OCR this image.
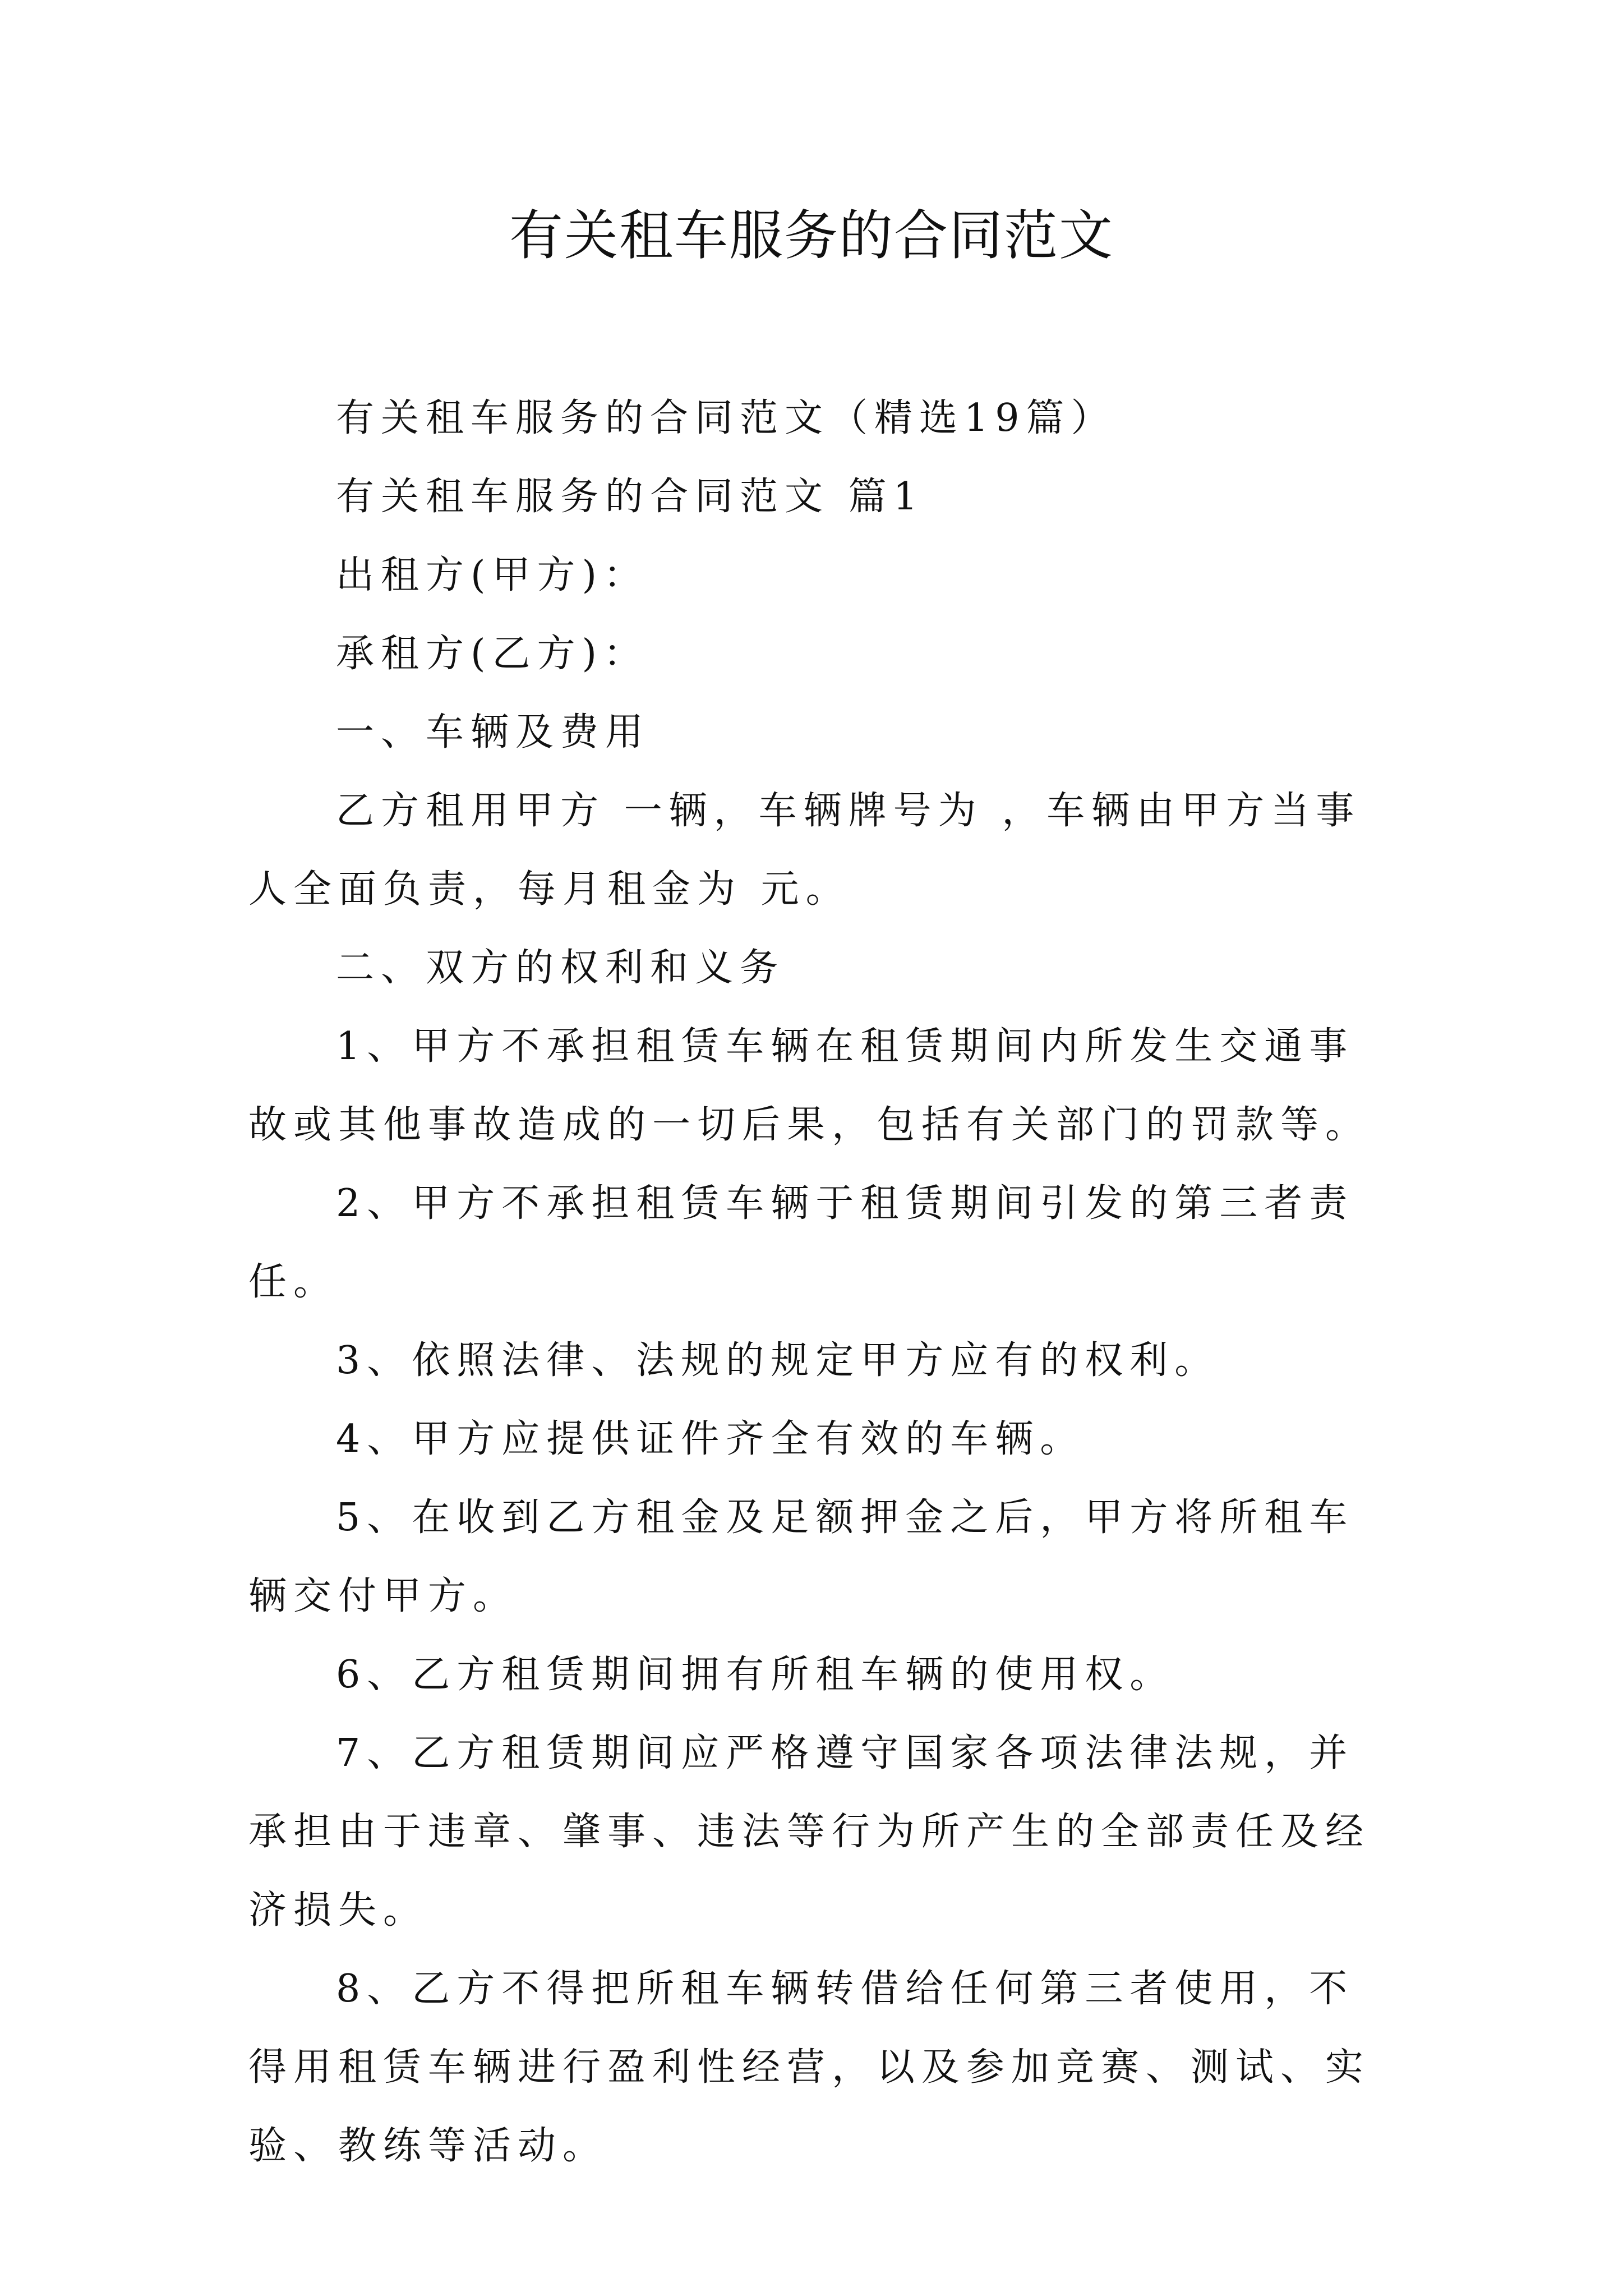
有关租车服务的合同范文

有关租车服务的合同范文（精选19篇）

有关租车服务的合同范文 篇1

出租方(甲方)：

承租方(乙方)：

一、车辆及费用

乙方租用甲方 一辆，车辆牌号为 ，车辆由甲方当事人全面负责，每月租金为 元。

二、双方的权利和义务

1、甲方不承担租赁车辆在租赁期间内所发生交通事故或其他事故造成的一切后果，包括有关部门的罚款等。

2、甲方不承担租赁车辆于租赁期间引发的第三者责任。

3、依照法律、法规的规定甲方应有的权利。

4、甲方应提供证件齐全有效的车辆。

5、在收到乙方租金及足额押金之后，甲方将所租车辆交付甲方。

6、乙方租赁期间拥有所租车辆的使用权。

7、乙方租赁期间应严格遵守国家各项法律法规，并承担由于违章、肇事、违法等行为所产生的全部责任及经济损失。

8、乙方不得把所租车辆转借给任何第三者使用，不得用租赁车辆进行盈利性经营，以及参加竞赛、测试、实验、教练等活动。
